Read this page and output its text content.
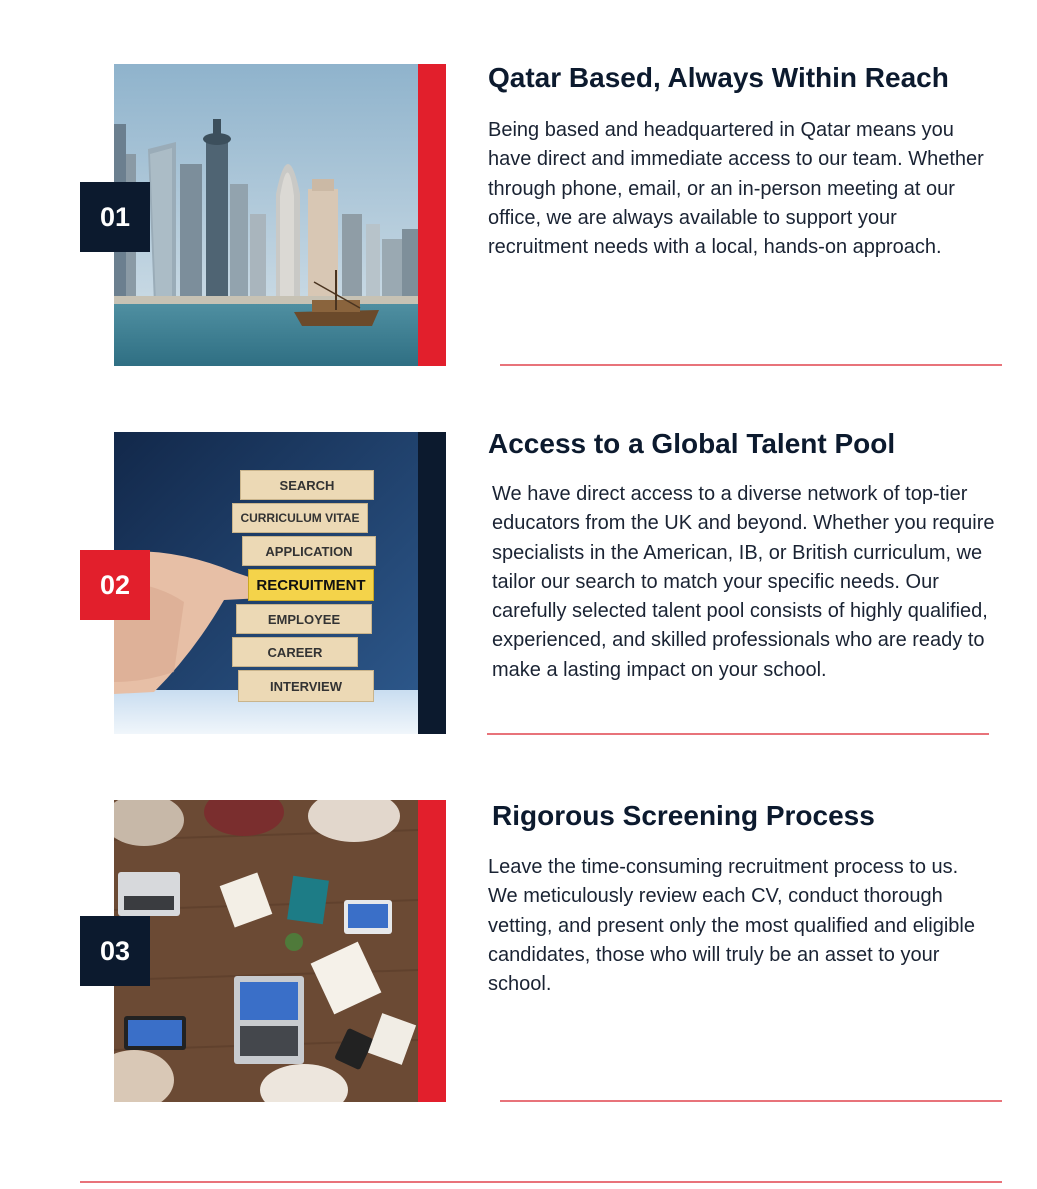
01
Qatar Based, Always Within Reach
Being based and headquartered in Qatar means you have direct and immediate access to our team. Whether through phone, email, or an in-person meeting at our office, we are always available to support your recruitment needs with a local, hands-on approach.
SEARCH
CURRICULUM VITAE
APPLICATION
RECRUITMENT
EMPLOYEE
CAREER
INTERVIEW
02
Access to a Global Talent Pool
We have direct access to a diverse network of top-tier educators from the UK and beyond. Whether you require specialists in the American, IB, or British curriculum, we tailor our search to match your specific needs. Our carefully selected talent pool consists of highly qualified, experienced, and skilled professionals who are ready to make a lasting impact on your school.
03
Rigorous Screening Process
Leave the time-consuming recruitment process to us. We meticulously review each CV, conduct thorough vetting, and present only the most qualified and eligible candidates, those who will truly be an asset to your school.
